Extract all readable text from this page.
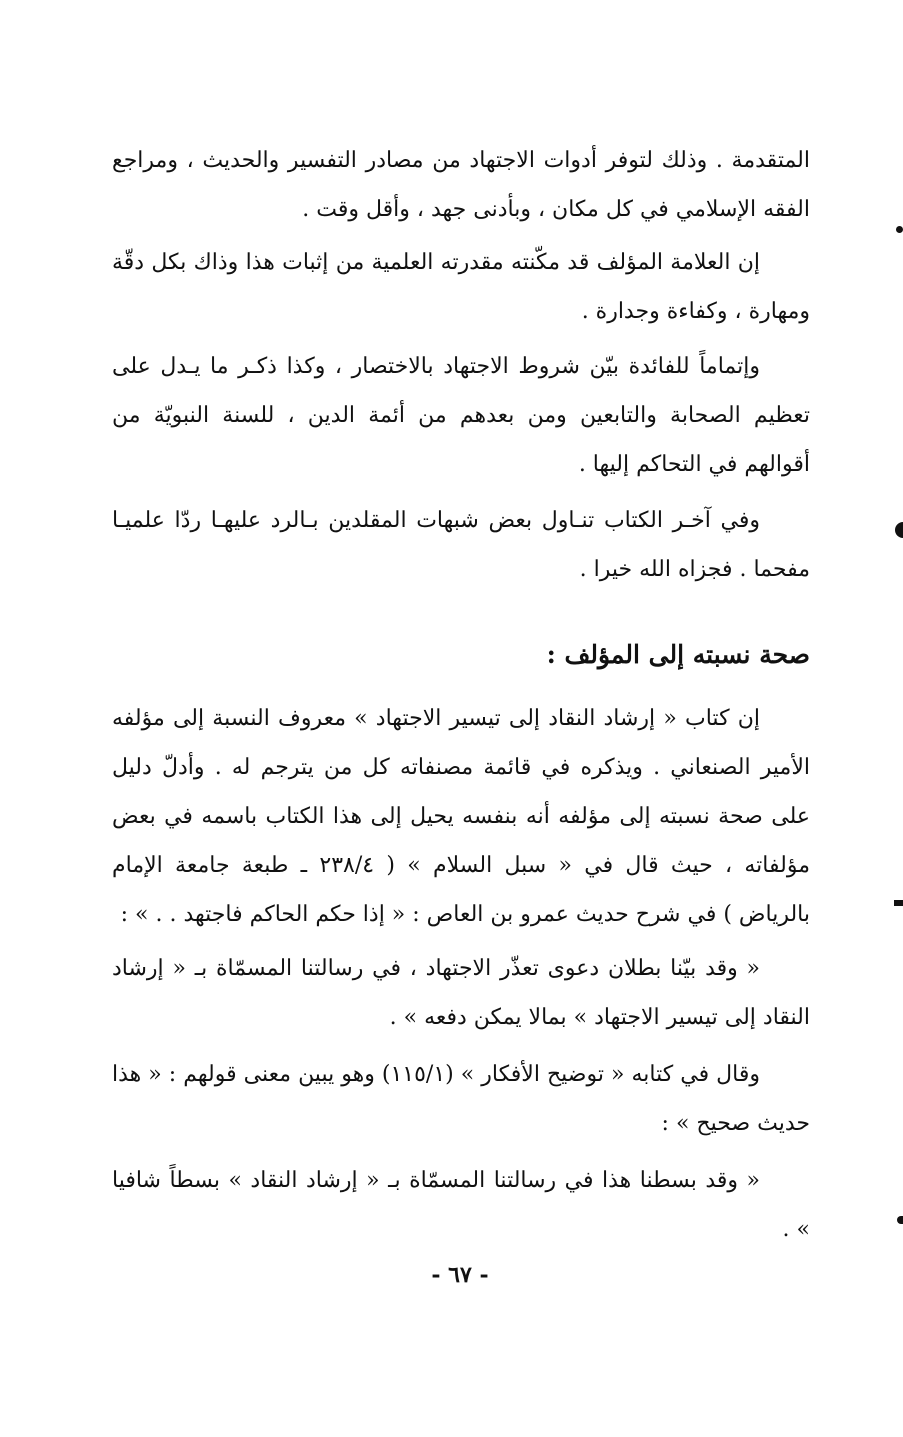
المتقدمة . وذلك لتوفر أدوات الاجتهاد من مصادر التفسير والحديث ، ومراجع الفقه الإسلامي في كل مكان ، وبأدنى جهد ، وأقل وقت .

إن العلامة المؤلف قد مكّنته مقدرته العلمية من إثبات هذا وذاك بكل دقّة ومهارة ، وكفاءة وجدارة .

وإتماماً للفائدة بيّن شروط الاجتهاد بالاختصار ، وكذا ذكـر ما يـدل على تعظيم الصحابة والتابعين ومن بعدهم من أئمة الدين ، للسنة النبويّة من أقوالهم في التحاكم إليها .

وفي آخـر الكتاب تنـاول بعض شبهات المقلدين بـالرد عليهـا ردّا علميـا مفحما . فجزاه الله خيرا .

صحة نسبته إلى المؤلف :

إن كتاب « إرشاد النقاد إلى تيسير الاجتهاد » معروف النسبة إلى مؤلفه الأمير الصنعاني . ويذكره في قائمة مصنفاته كل من يترجم له . وأدلّ دليل على صحة نسبته إلى مؤلفه أنه بنفسه يحيل إلى هذا الكتاب باسمه في بعض مؤلفاته ، حيث قال في « سبل السلام » ( ٢٣٨/٤ ـ طبعة جامعة الإمام بالرياض ) في شرح حديث عمرو بن العاص : « إذا حكم الحاكم فاجتهد . . » :

« وقد بيّنا بطلان دعوى تعذّر الاجتهاد ، في رسالتنا المسمّاة بـ « إرشاد النقاد إلى تيسير الاجتهاد » بمالا يمكن دفعه » .

وقال في كتابه « توضيح الأفكار » (١١٥/١) وهو يبين معنى قولهم : « هذا حديث صحيح » :

« وقد بسطنا هذا في رسالتنا المسمّاة بـ « إرشاد النقاد » بسطاً شافيا » .

- ٦٧ -
